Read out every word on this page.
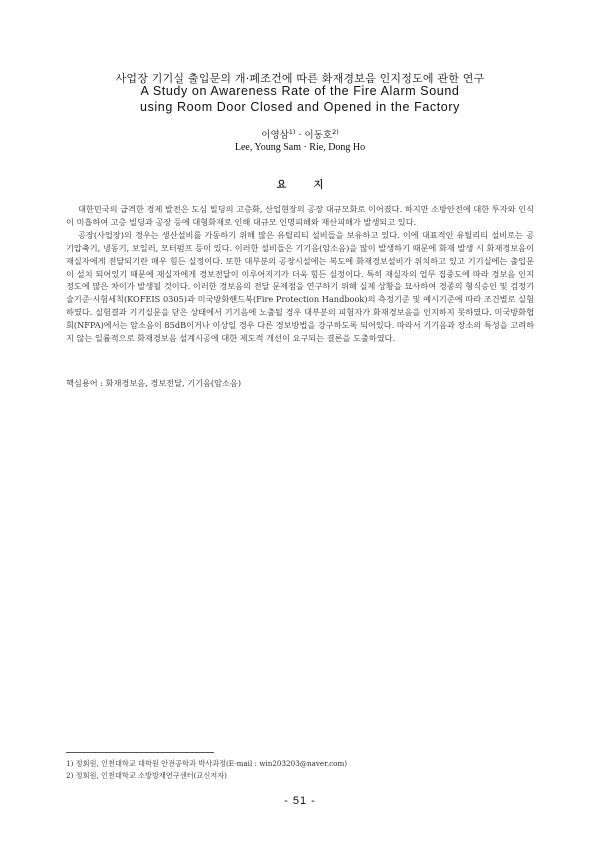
사업장 기기실 출입문의 개·폐조건에 따른 화재경보음 인지정도에 관한 연구
A Study on Awareness Rate of the Fire Alarm Sound
using Room Door Closed and Opened in the Factory
이영삼$^{1)}$ · 이동호$^{2)}$
Lee, Young Sam · Rie, Dong Ho
요 지

대한민국의 급격한 경제 발전은 도심 빌딩의 고층화, 산업현장의 공장 대규모화로 이어졌다. 하지만 소방안전에 대한 투자와 인식이 미흡하여 고층 빌딩과 공장 등에 대형화재로 인해 대규모 인명피해와 재산피해가 발생되고 있다.

공장(사업장)의 경우는 생산설비를 가동하기 위해 많은 유틸리티 설비들을 보유하고 있다. 이에 대표적인 유틸리티 설비로는 공기압축기, 냉동기, 보일러, 모터펌프 등이 있다. 이러한 설비들은 기기음(암소음)을 많이 발생하기 때문에 화재 발생 시 화재경보음이 재실자에게 전달되기란 매우 힘든 실정이다. 또한 대부분의 공장시설에는 복도에 화재경보설비가 위치하고 있고 기기실에는 출입문이 설치 되어있기 때문에 재실자에게 경보전달이 이루어지기가 더욱 힘든 실정이다. 특히 재실자의 업무 집중도에 따라 경보음 인지정도에 많은 차이가 발생될 것이다. 이러한 경보음의 전달 문제점을 연구하기 위해 실제 상황을 묘사하여 경종의 형식승인 및 검정기술기준·시험세칙(KOFEIS 0305)과 미국방화핸드북(Fire Protection Handbook)의 측정기준 및 예시기준에 따라 조건별로 실험하였다. 실험결과 기기실문을 닫은 상태에서 기기음에 노출될 경우 대부분의 피험자가 화재경보음을 인지하지 못하였다. 미국방화협회(NFPA)에서는 암소음이 85dB이거나 이상일 경우 다른 경보방법을 강구하도록 되어있다. 따라서 기기음과 장소의 특성을 고려하지 않는 일률적으로 화재경보음 설계시공에 대한 제도적 개선이 요구되는 결론을 도출하였다.

핵심용어 : 화재경보음, 경보전달, 기기음(암소음)
1) 정회원, 인천대학교 대학원 안전공학과 박사과정(E-mail : win203203@naver.com)
2) 정회원, 인천대학교 소방방재연구센터(교신저자)
- 51 -
